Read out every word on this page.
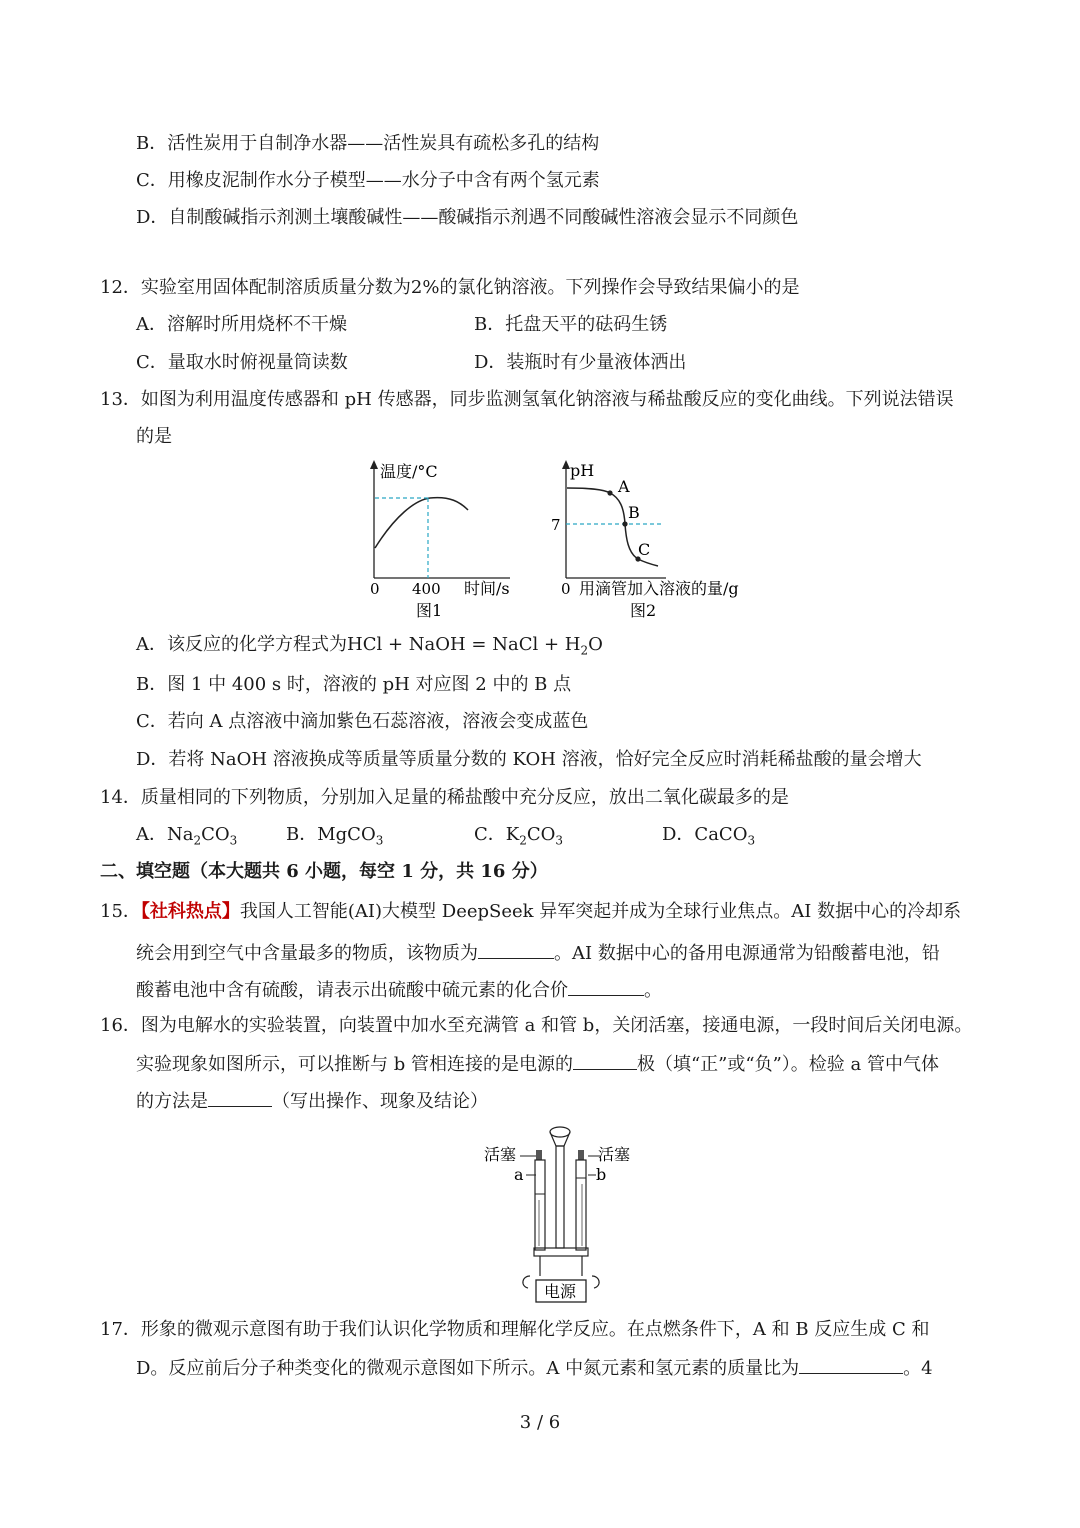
B．活性炭用于自制净水器——活性炭具有疏松多孔的结构
C．用橡皮泥制作水分子模型——水分子中含有两个氢元素
D．自制酸碱指示剂测土壤酸碱性——酸碱指示剂遇不同酸碱性溶液会显示不同颜色
12．实验室用固体配制溶质质量分数为2%的氯化钠溶液。下列操作会导致结果偏小的是
A．溶解时所用烧杯不干燥	B．托盘天平的砝码生锈
C．量取水时俯视量筒读数	D．装瓶时有少量液体洒出
13．如图为利用温度传感器和 pH 传感器，同步监测氢氧化钠溶液与稀盐酸反应的变化曲线。下列说法错误
的是
温度/°C
0 400 时间/s
图1
A
B
C
pH
7
0 用滴管加入溶液的量/g
图2
A．该反应的化学方程式为HCl + NaOH = NaCl + $H_2O$
B．图 1 中 400 s 时，溶液的 pH 对应图 2 中的 B 点
C．若向 A 点溶液中滴加紫色石蕊溶液，溶液会变成蓝色
D．若将 NaOH 溶液换成等质量等质量分数的 KOH 溶液，恰好完全反应时消耗稀盐酸的量会增大
14．质量相同的下列物质，分别加入足量的稀盐酸中充分反应，放出二氧化碳最多的是
A．$Na_2CO_3$	B．MgCO$_3$	C．$K_2CO_3$	D．CaCO$_3$
二、填空题（本大题共 6 小题，每空 1 分，共 16 分）
15．【社科热点】我国人工智能(AI)大模型 DeepSeek 异军突起并成为全球行业焦点。AI 数据中心的冷却系
统会用到空气中含量最多的物质，该物质为	。AI 数据中心的备用电源通常为铅酸蓄电池，铅
酸蓄电池中含有硫酸，请表示出硫酸中硫元素的化合价	。
16．图为电解水的实验装置，向装置中加水至充满管 a 和管 b，关闭活塞，接通电源，一段时间后关闭电源。
实验现象如图所示，可以推断与 b 管相连接的是电源的	极（填“正”或“负”）。检验 a 管中气体
的方法是	（写出操作、现象及结论）
活塞	活塞
a	b
电源
17．形象的微观示意图有助于我们认识化学物质和理解化学反应。在点燃条件下，A 和 B 反应生成 C 和
D。反应前后分子种类变化的微观示意图如下所示。A 中氮元素和氢元素的质量比为	。4
3 / 6
